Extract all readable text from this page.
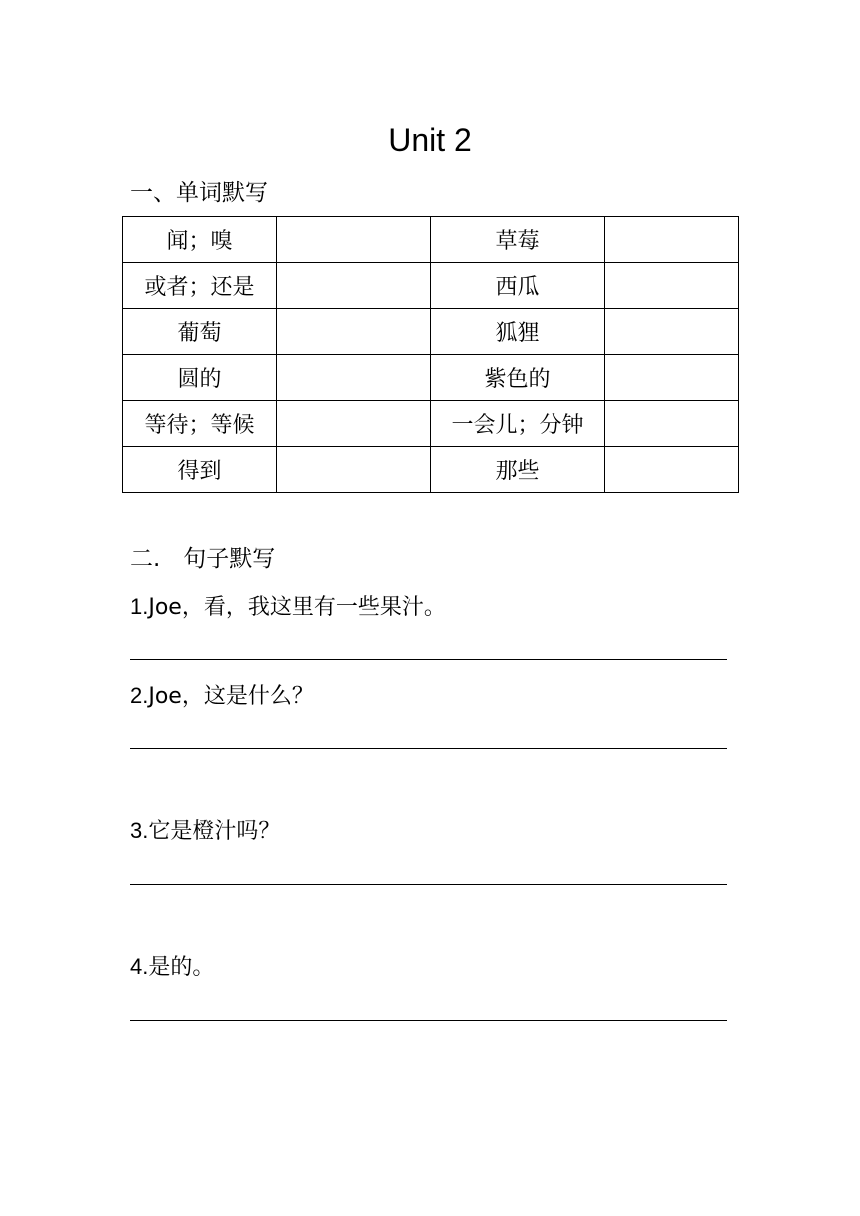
Unit 2
一、单词默写
闻；嗅		草莓	
或者；还是		西瓜	
葡萄		狐狸	
圆的		紫色的	
等待；等候		一会儿；分钟	
得到		那些	
二.　句子默写
1.Joe，看，我这里有一些果汁。
2.Joe，这是什么？
3.它是橙汁吗？
4.是的。
